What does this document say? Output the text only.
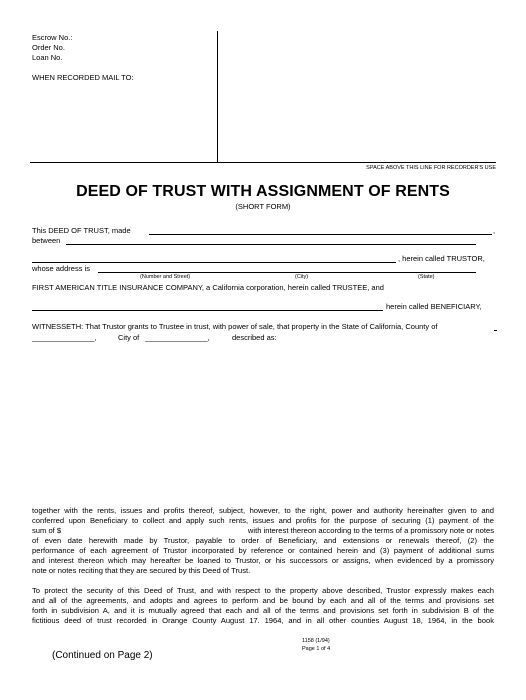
Escrow No.:
Order No.
Loan No.
WHEN RECORDED MAIL TO:
SPACE ABOVE THIS LINE FOR RECORDER'S USE
DEED OF TRUST WITH ASSIGNMENT OF RENTS
(SHORT FORM)
This DEED OF TRUST, made	,
between
, herein called TRUSTOR,
whose address is
(Number and Street)	(City)	(State)
FIRST AMERICAN TITLE INSURANCE COMPANY, a California corporation, herein called TRUSTEE, and
herein called BENEFICIARY,
WITNESSETH: That Trustor grants to Trustee in trust, with power of sale, that property in the State of California, County of
_______________,	City of _______________,	described as:
together with the rents, issues and profits thereof, subject, however, to the right, power and authority hereinafter given to and
conferred upon Beneficiary to collect and apply such rents, issues and profits for the purpose of securing (1) payment of the
sum of $	with interest thereon according to the terms of a promissory note or notes
of even date herewith made by Trustor, payable to order of Beneficiary, and extensions or renewals thereof, (2) the
performance of each agreement of Trustor incorporated by reference or contained herein and (3) payment of additional sums
and interest thereon which may hereafter be loaned to Trustor, or his successors or assigns, when evidenced by a promissory
note or notes reciting that they are secured by this Deed of Trust.
To protect the security of this Deed of Trust, and with respect to the property above described, Trustor expressly makes each
and all of the agreements, and adopts and agrees to perform and be bound by each and all of the terms and provisions set
forth in subdivision A, and it is mutually agreed that each and all of the terms and provisions set forth in subdivision B of the
fictitious deed of trust recorded in Orange County August 17. 1964, and in all other counties August 18, 1964, in the book
1158 (1/94)
Page 1 of 4
(Continued on Page 2)
